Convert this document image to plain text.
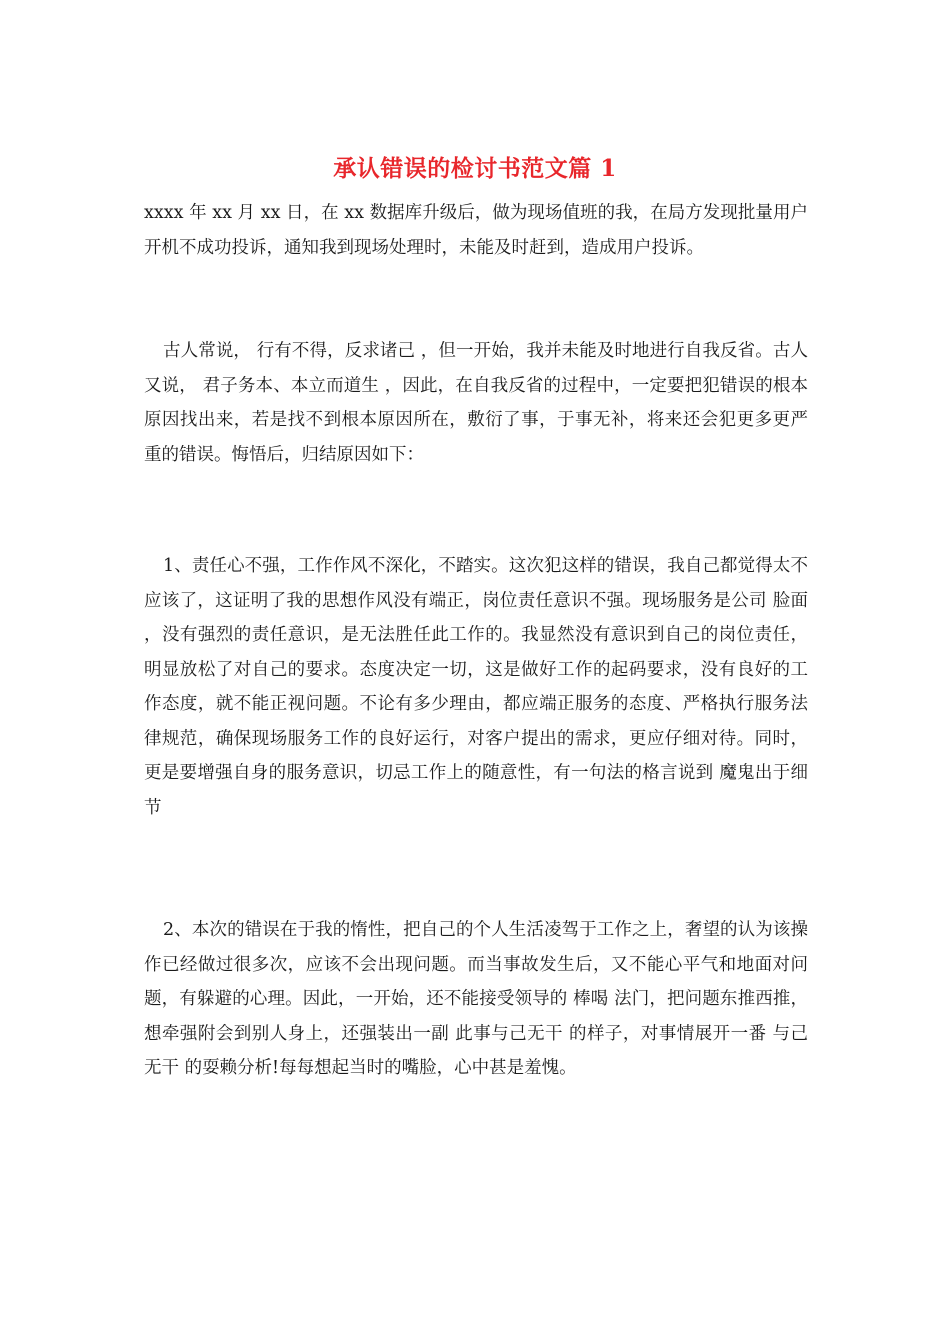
承认错误的检讨书范文篇 1

xxxx 年 xx 月 xx 日，在 xx 数据库升级后，做为现场值班的我，在局方发现批量用户开机不成功投诉，通知我到现场处理时，未能及时赶到，造成用户投诉。

古人常说， 行有不得，反求诸己 ，但一开始，我并未能及时地进行自我反省。古人又说， 君子务本、本立而道生 ，因此，在自我反省的过程中，一定要把犯错误的根本原因找出来，若是找不到根本原因所在，敷衍了事，于事无补，将来还会犯更多更严重的错误。悔悟后，归结原因如下：

1、责任心不强，工作作风不深化，不踏实。这次犯这样的错误，我自己都觉得太不应该了，这证明了我的思想作风没有端正，岗位责任意识不强。现场服务是公司 脸面 ，没有强烈的责任意识，是无法胜任此工作的。我显然没有意识到自己的岗位责任，明显放松了对自己的要求。态度决定一切，这是做好工作的起码要求，没有良好的工作态度，就不能正视问题。不论有多少理由，都应端正服务的态度、严格执行服务法律规范，确保现场服务工作的良好运行，对客户提出的需求，更应仔细对待。同时，更是要增强自身的服务意识，切忌工作上的随意性，有一句法的格言说到 魔鬼出于细节

2、本次的错误在于我的惰性，把自己的个人生活凌驾于工作之上，奢望的认为该操作已经做过很多次，应该不会出现问题。而当事故发生后，又不能心平气和地面对问题，有躲避的心理。因此，一开始，还不能接受领导的 棒喝 法门，把问题东推西推，想牵强附会到别人身上，还强装出一副 此事与己无干 的样子，对事情展开一番 与己无干 的耍赖分析!每每想起当时的嘴脸，心中甚是羞愧。
